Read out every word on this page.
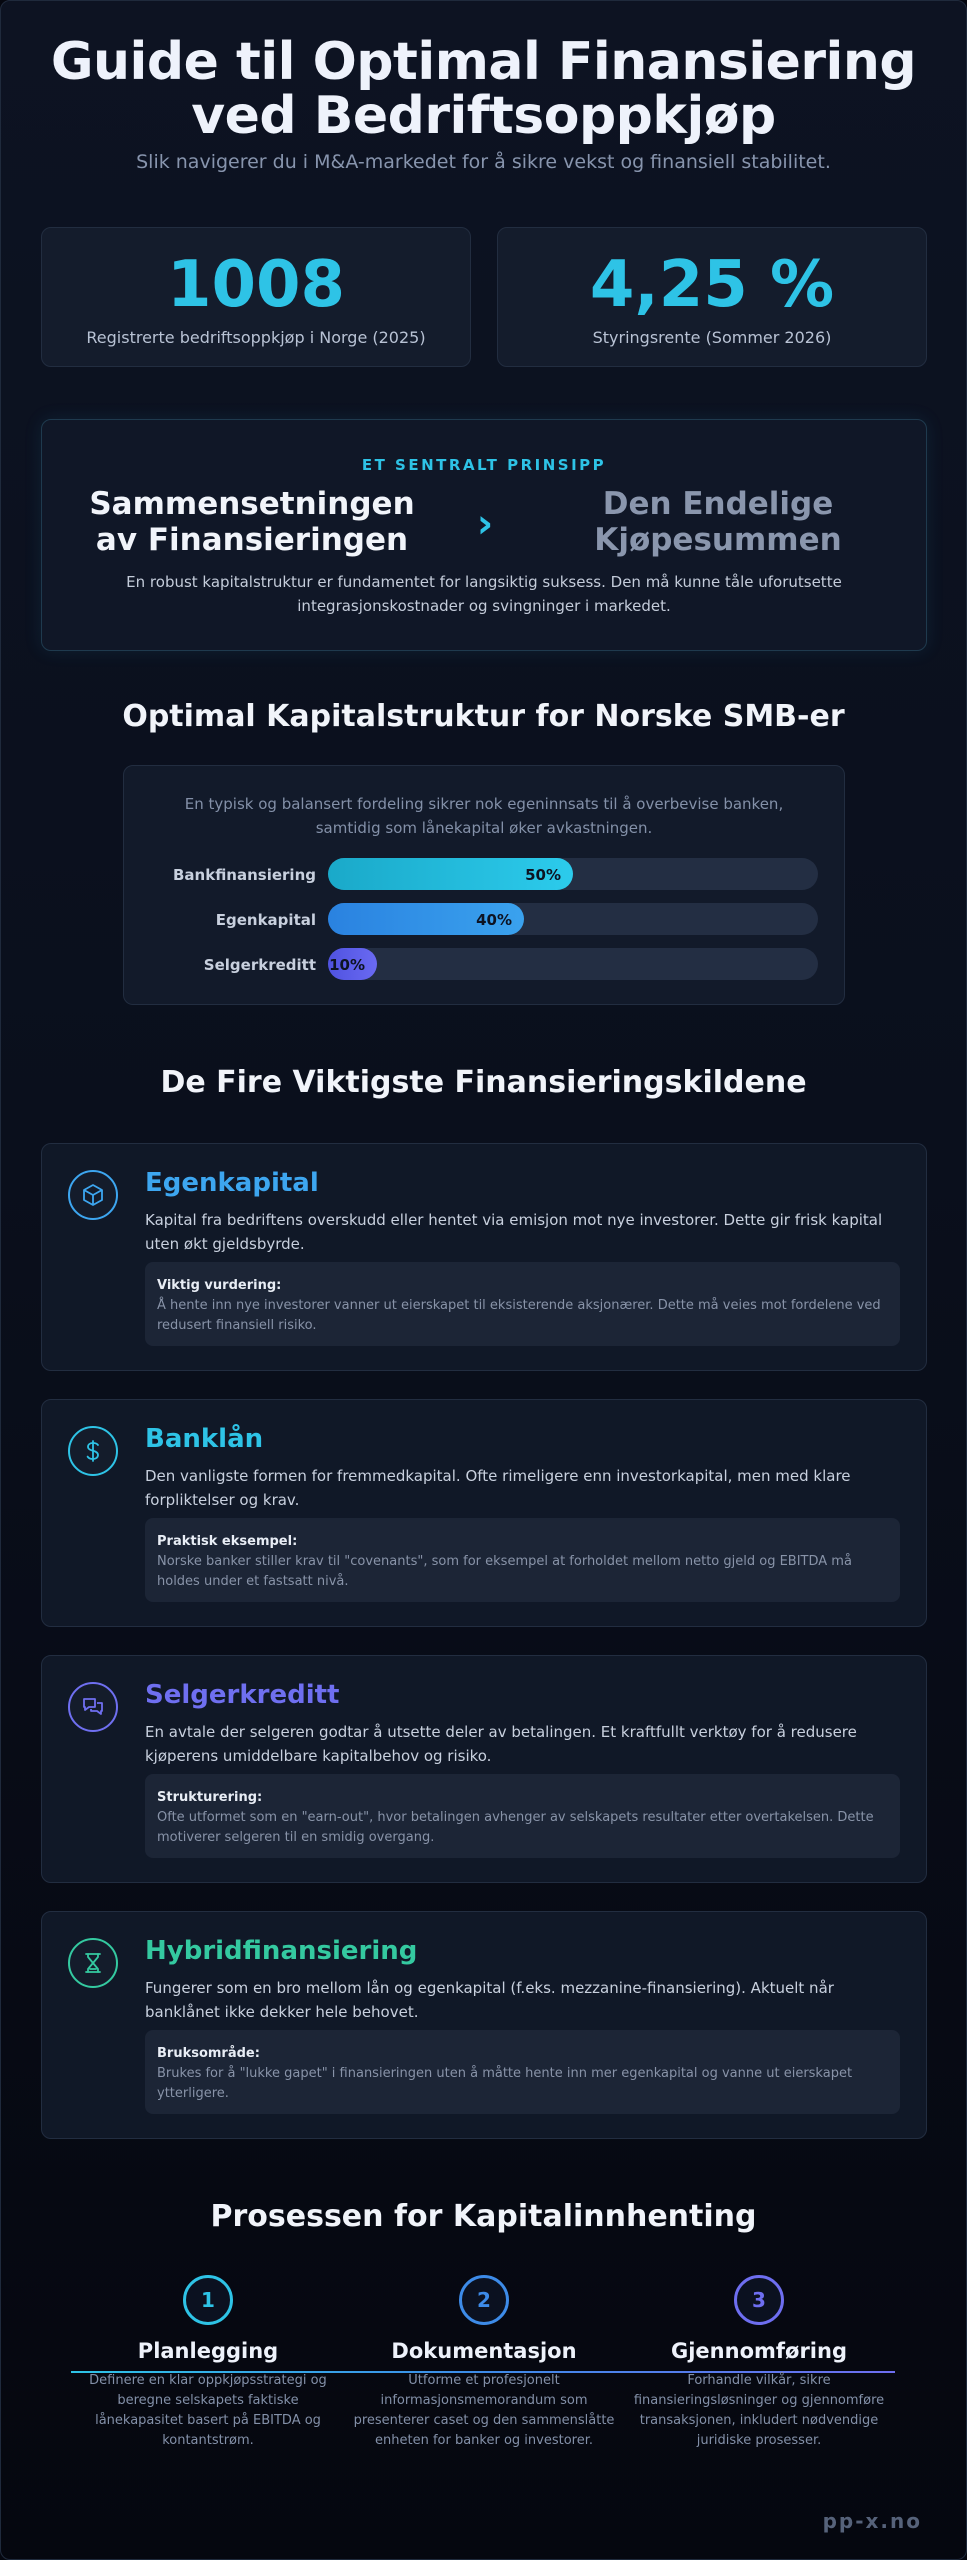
Guide til Optimal Finansiering ved Bedriftsoppkjøp

Slik navigerer du i M&A-markedet for å sikre vekst og finansiell stabilitet.

1008
Registrerte bedriftsoppkjøp i Norge (2025)
4,25 %
Styringsrente (Sommer 2026)
ET SENTRALT PRINSIPP
Sammensetningen av Finansieringen	›	Den Endelige Kjøpesummen

En robust kapitalstruktur er fundamentet for langsiktig suksess. Den må kunne tåle uforutsette integrasjonskostnader og svingninger i markedet.

Optimal Kapitalstruktur for Norske SMB-er

En typisk og balansert fordeling sikrer nok egeninnsats til å overbevise banken, samtidig som lånekapital øker avkastningen.

Bankfinansiering	50%
Egenkapital	40%
Selgerkreditt 10%
De Fire Viktigste Finansieringskildene
Egenkapital

Kapital fra bedriftens overskudd eller hentet via emisjon mot nye investorer. Dette gir frisk kapital uten økt gjeldsbyrde.

Viktig vurdering:
Å hente inn nye investorer vanner ut eierskapet til eksisterende aksjonærer. Dette må veies mot fordelene ved redusert finansiell risiko.
Banklån

Den vanligste formen for fremmedkapital. Ofte rimeligere enn investorkapital, men med klare forpliktelser og krav.

Praktisk eksempel:
Norske banker stiller krav til "covenants", som for eksempel at forholdet mellom netto gjeld og EBITDA må holdes under et fastsatt nivå.
Selgerkreditt

En avtale der selgeren godtar å utsette deler av betalingen. Et kraftfullt verktøy for å redusere kjøperens umiddelbare kapitalbehov og risiko.

Strukturering:
Ofte utformet som en "earn-out", hvor betalingen avhenger av selskapets resultater etter overtakelsen. Dette motiverer selgeren til en smidig overgang.
Hybridfinansiering

Fungerer som en bro mellom lån og egenkapital (f.eks. mezzanine-finansiering). Aktuelt når banklånet ikke dekker hele behovet.

Bruksområde:
Brukes for å "lukke gapet" i finansieringen uten å måtte hente inn mer egenkapital og vanne ut eierskapet ytterligere.
Prosessen for Kapitalinnhenting
1
Planlegging

Definere en klar oppkjøpsstrategi og beregne selskapets faktiske lånekapasitet basert på EBITDA og kontantstrøm.

2
Dokumentasjon

Utforme et profesjonelt informasjonsmemorandum som presenterer caset og den sammenslåtte enheten for banker og investorer.

3
Gjennomføring

Forhandle vilkår, sikre finansieringsløsninger og gjennomføre transaksjonen, inkludert nødvendige juridiske prosesser.

pp-x.no
